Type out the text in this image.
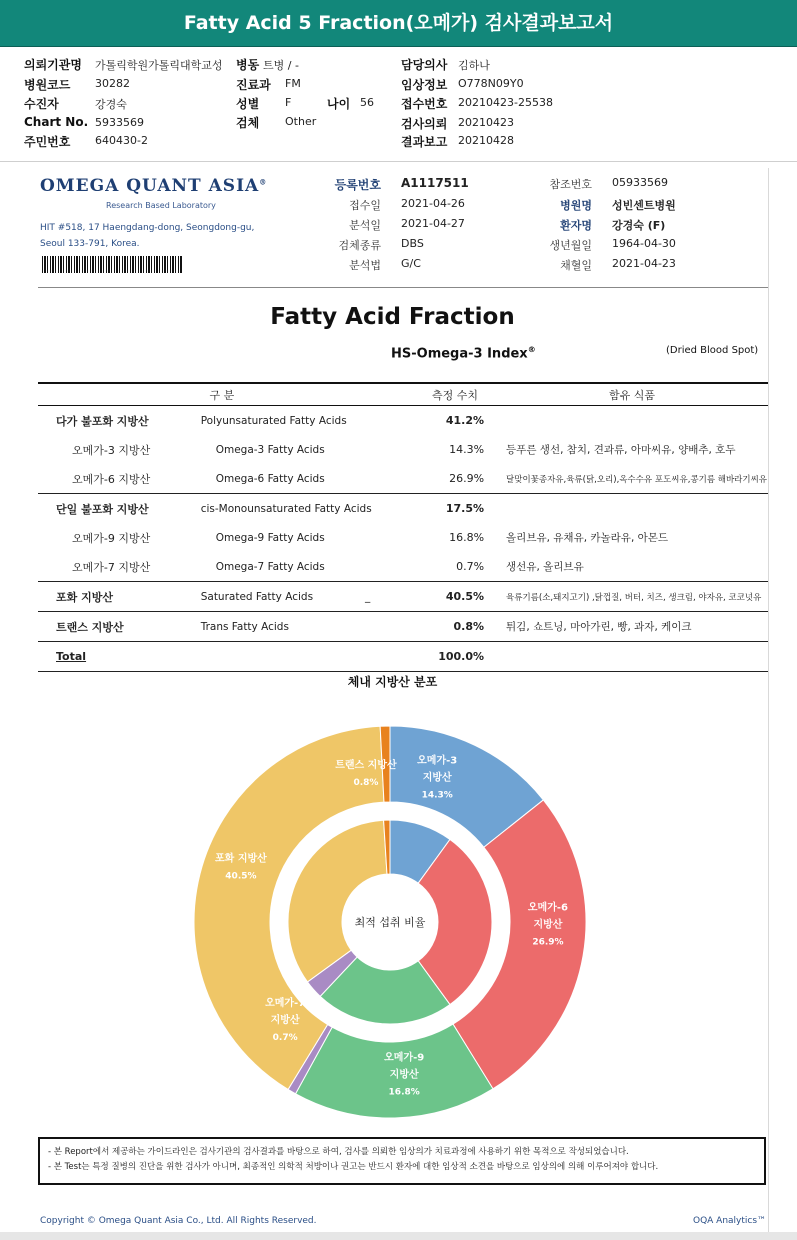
Fatty Acid 5 Fraction(오메가) 검사결과보고서
의뢰기관명 가톨릭학원가톨릭대학교성 병동 트병 / -	담당의사 김하나
병원코드 30282	진료과 FM	임상정보 O778N09Y0
수진자	강경숙	성별 F	나이 56 접수번호 20210423-25538
Chart No. 5933569	검체 Other	검사의뢰 20210423
주민번호 640430-2	결과보고 20210428
OMEGA QUANT ASIA®
Research Based Laboratory
HIT #518, 17 Haengdang-dong, Seongdong-gu,
Seoul 133-791, Korea.
등록번호 A1117511	참조번호 05933569
접수일 2021-04-26	병원명 성빈센트병원
분석일 2021-04-27	환자명 강경숙 (F)
검체종류 DBS	생년월일 1964-04-30
분석법 G/C	채혈일 2021-04-23
Fatty Acid Fraction
HS-Omega-3 Index®	(Dried Blood Spot)
구 분		측정 수치	함유 식품
다가 불포화 지방산	Polyunsaturated Fatty Acids	41.2%	
오메가-3 지방산	Omega-3 Fatty Acids	14.3%	등푸른 생선, 참치, 견과류, 아마씨유, 양배추, 호두
오메가-6 지방산	Omega-6 Fatty Acids	26.9%	달맞이꽃종자유,육류(닭,오리),옥수수유 포도씨유,콩기름 해바라기씨유
단일 불포화 지방산	cis-Monounsaturated Fatty Acids	17.5%	
오메가-9 지방산	Omega-9 Fatty Acids	16.8%	올리브유, 유채유, 카놀라유, 아몬드
오메가-7 지방산	Omega-7 Fatty Acids	0.7%	생선유, 올리브유
포화 지방산	Saturated Fatty Acids _	40.5%	육류기름(소,돼지고기) ,닭껍질, 버터, 치즈, 생크림, 야자유, 코코넛유
트랜스 지방산	Trans Fatty Acids	0.8%	튀김, 쇼트닝, 마아가린, 빵, 과자, 케이크
Total		100.0%	
체내 지방산 분포
최적 섭취 비율
오메가-3
지방산
14.3%
오메가-6
지방산
26.9%
오메가-9
지방산
16.8%
오메가-7
지방산
0.7%
포화 지방산
40.5%
트랜스 지방산
0.8%
- 본 Report에서 제공하는 가이드라인은 검사기관의 검사결과를 바탕으로 하여, 검사를 의뢰한 임상의가 치료과정에 사용하기 위한 목적으로 작성되었습니다.
- 본 Test는 특정 질병의 진단을 위한 검사가 아니며, 최종적인 의학적 처방이나 권고는 반드시 환자에 대한 임상적 소견을 바탕으로 임상의에 의해 이루어져야 합니다.
Copyright © Omega Quant Asia Co., Ltd. All Rights Reserved.	OQA Analytics™
